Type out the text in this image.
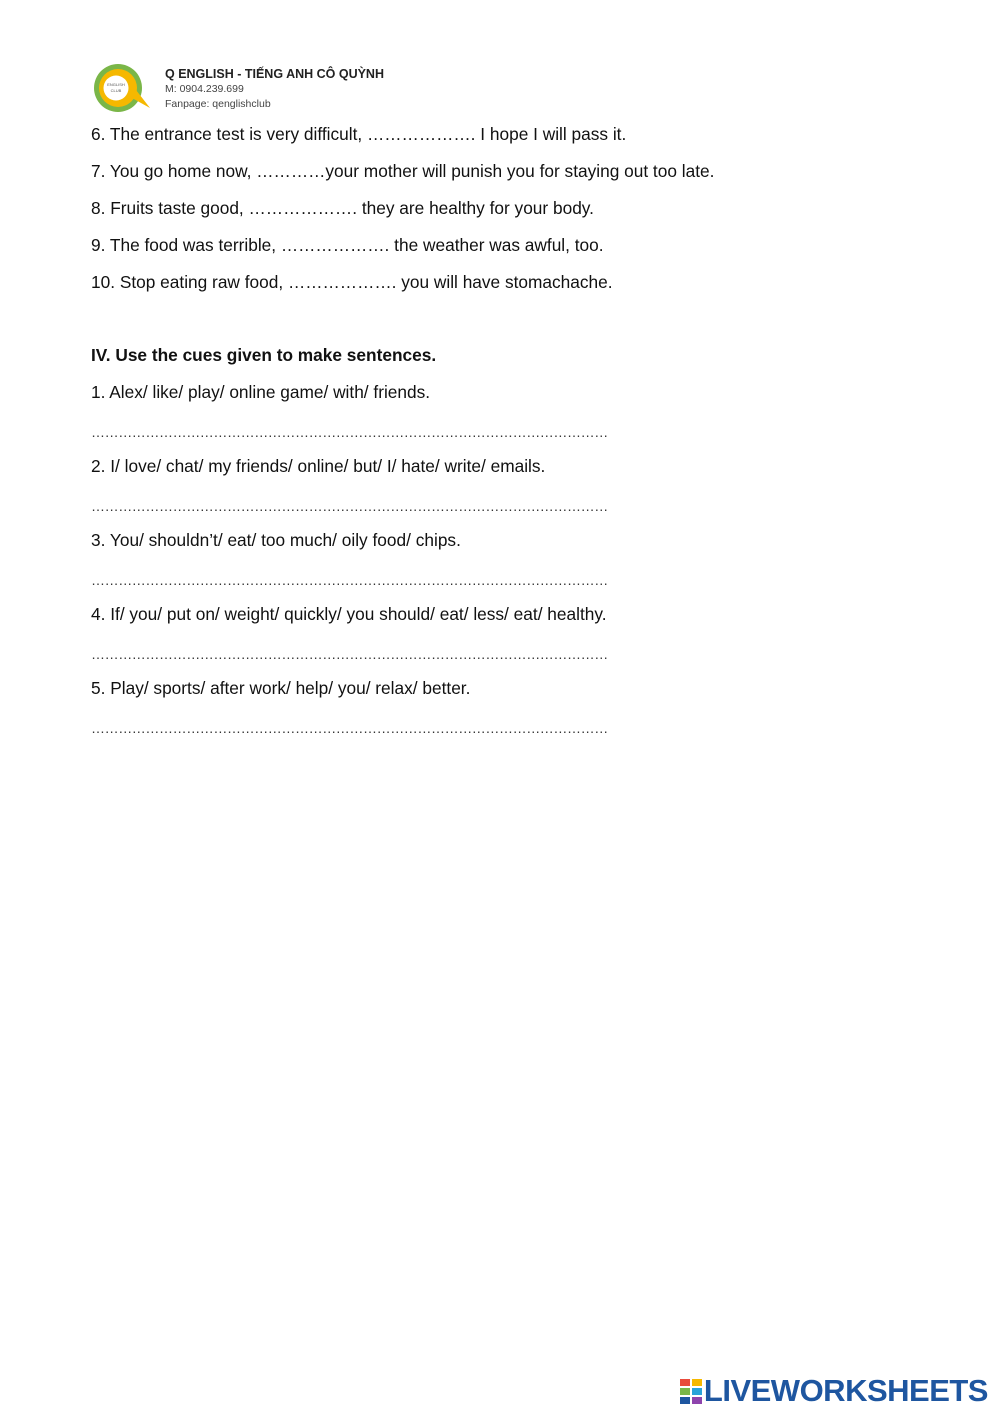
ENGLISH
CLUB
Q ENGLISH - TIẾNG ANH CÔ QUỲNH
M: 0904.239.699
Fanpage: qenglishclub
6. The entrance test is very difficult, ………………. I hope I will pass it.
7. You go home now, …………your mother will punish you for staying out too late.
8. Fruits taste good, ………………. they are healthy for your body.
9. The food was terrible, ………………. the weather was awful, too.
10. Stop eating raw food, ………………. you will have stomachache.
IV. Use the cues given to make sentences.
1. Alex/ like/ play/ online game/ with/ friends.
……………………………………………………………………………………………………
2. I/ love/ chat/ my friends/ online/ but/ I/ hate/ write/ emails.
……………………………………………………………………………………………………
3. You/ shouldn’t/ eat/ too much/ oily food/ chips.
……………………………………………………………………………………………………
4. If/ you/ put on/ weight/ quickly/ you should/ eat/ less/ eat/ healthy.
……………………………………………………………………………………………………
5. Play/ sports/ after work/ help/ you/ relax/ better.
……………………………………………………………………………………………………
LIVEWORKSHEETS
